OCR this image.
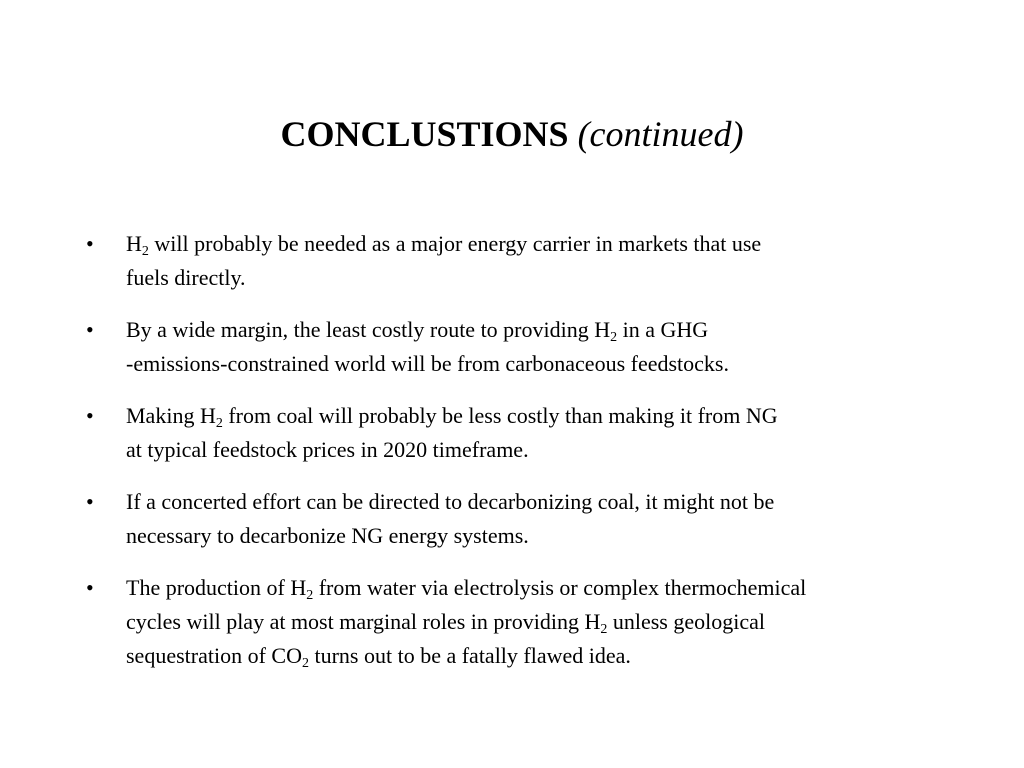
CONCLUSTIONS (continued)
•	$H_2$ will probably be needed as a major energy carrier in markets that use
fuels directly.
•	By a wide margin, the least costly route to providing $H_2$ in a GHG
-emissions-constrained world will be from carbonaceous feedstocks.
•	Making $H_2$ from coal will probably be less costly than making it from NG
at typical feedstock prices in 2020 timeframe.
•	If a concerted effort can be directed to decarbonizing coal, it might not be
necessary to decarbonize NG energy systems.
•	The production of $H_2$ from water via electrolysis or complex thermochemical
cycles will play at most marginal roles in providing $H_2$ unless geological
sequestration of $CO_2$ turns out to be a fatally flawed idea.
